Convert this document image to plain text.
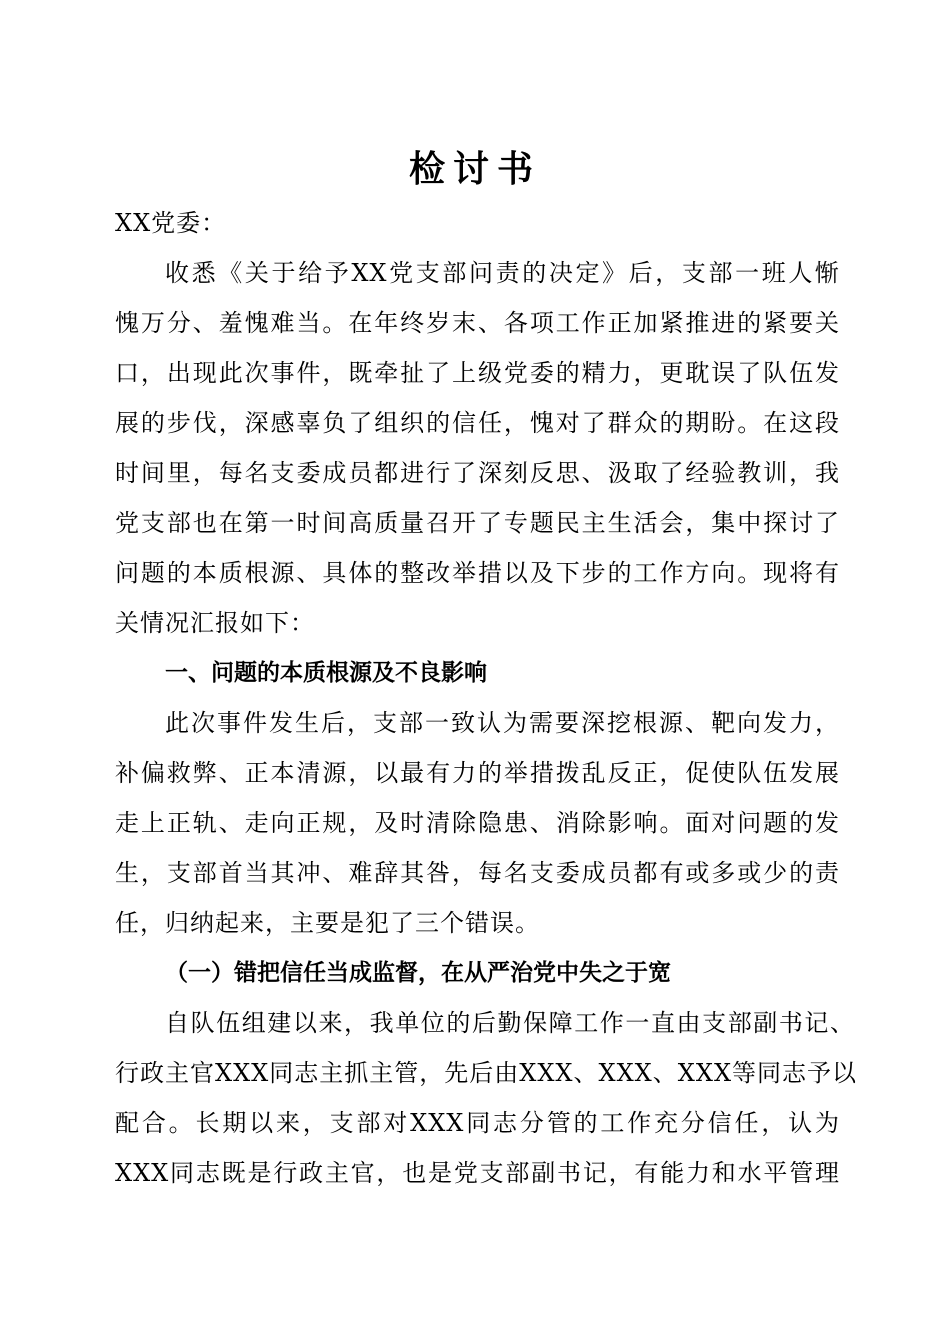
检讨书
XX党委：
收悉《关于给予XX党支部问责的决定》后，支部一班人惭
愧万分、羞愧难当。在年终岁末、各项工作正加紧推进的紧要关
口，出现此次事件，既牵扯了上级党委的精力，更耽误了队伍发
展的步伐，深感辜负了组织的信任，愧对了群众的期盼。在这段
时间里，每名支委成员都进行了深刻反思、汲取了经验教训，我
党支部也在第一时间高质量召开了专题民主生活会，集中探讨了
问题的本质根源、具体的整改举措以及下步的工作方向。现将有
关情况汇报如下：
一、问题的本质根源及不良影响
此次事件发生后，支部一致认为需要深挖根源、靶向发力，
补偏救弊、正本清源，以最有力的举措拨乱反正，促使队伍发展
走上正轨、走向正规，及时清除隐患、消除影响。面对问题的发
生，支部首当其冲、难辞其咎，每名支委成员都有或多或少的责
任，归纳起来，主要是犯了三个错误。
（一）错把信任当成监督，在从严治党中失之于宽
自队伍组建以来，我单位的后勤保障工作一直由支部副书记、
行政主官XXX同志主抓主管，先后由XXX、XXX、XXX等同志予以
配合。长期以来，支部对XXX同志分管的工作充分信任，认为
XXX同志既是行政主官，也是党支部副书记，有能力和水平管理
